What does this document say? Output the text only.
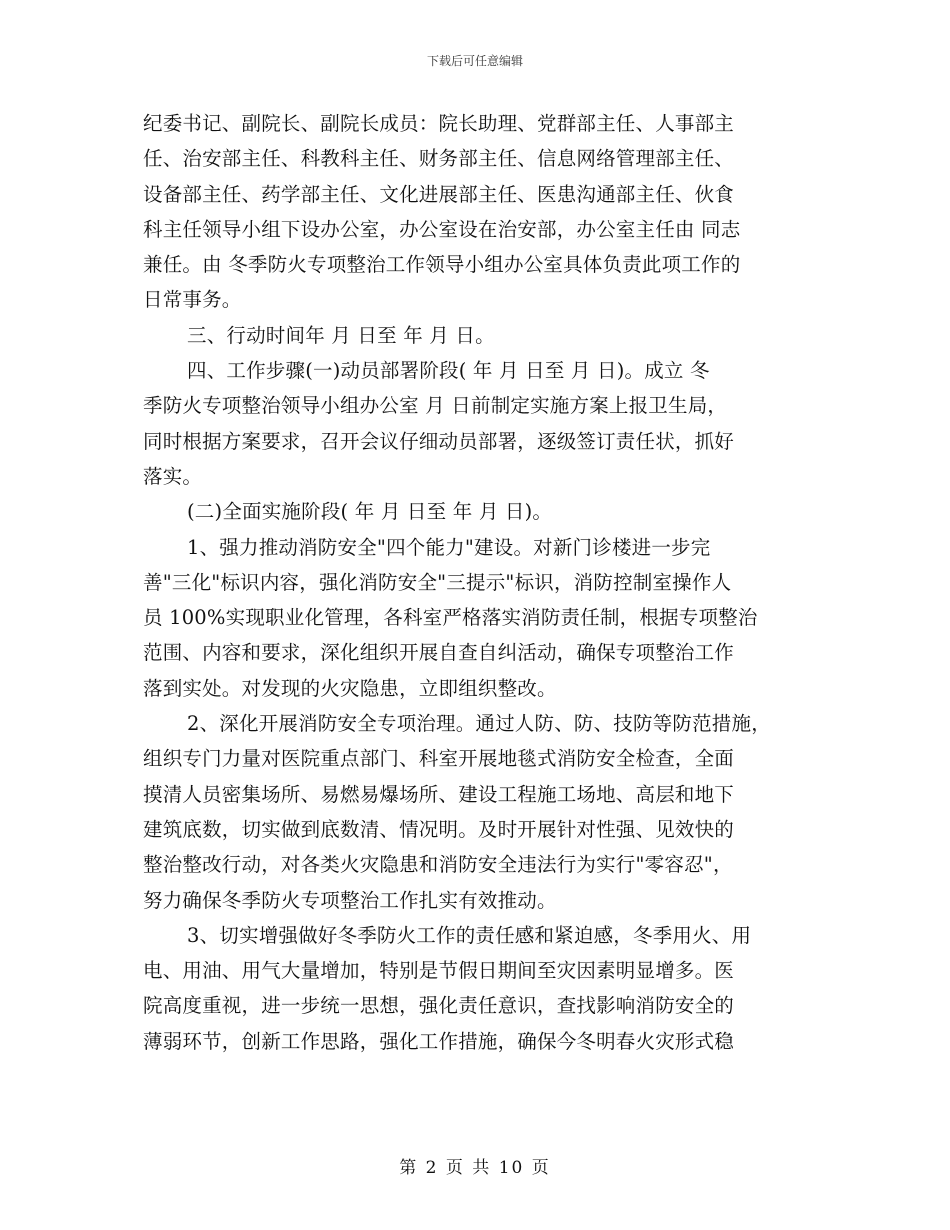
下载后可任意编辑
纪委书记、副院长、副院长成员：院长助理、党群部主任、人事部主
任、治安部主任、科教科主任、财务部主任、信息网络管理部主任、
设备部主任、药学部主任、文化进展部主任、医患沟通部主任、伙食
科主任领导小组下设办公室，办公室设在治安部，办公室主任由 同志
兼任。由 冬季防火专项整治工作领导小组办公室具体负责此项工作的
日常事务。
三、行动时间年 月 日至 年 月 日。
四、工作步骤(一)动员部署阶段( 年 月 日至 月 日)。成立 冬
季防火专项整治领导小组办公室 月 日前制定实施方案上报卫生局，
同时根据方案要求，召开会议仔细动员部署，逐级签订责任状，抓好
落实。
(二)全面实施阶段( 年 月 日至 年 月 日)。
1、强力推动消防安全"四个能力"建设。对新门诊楼进一步完
善"三化"标识内容，强化消防安全"三提示"标识，消防控制室操作人
员 100%实现职业化管理，各科室严格落实消防责任制，根据专项整治
范围、内容和要求，深化组织开展自查自纠活动，确保专项整治工作
落到实处。对发现的火灾隐患，立即组织整改。
2、深化开展消防安全专项治理。通过人防、防、技防等防范措施，
组织专门力量对医院重点部门、科室开展地毯式消防安全检查，全面
摸清人员密集场所、易燃易爆场所、建设工程施工场地、高层和地下
建筑底数，切实做到底数清、情况明。及时开展针对性强、见效快的
整治整改行动，对各类火灾隐患和消防安全违法行为实行"零容忍"，
努力确保冬季防火专项整治工作扎实有效推动。
3、切实增强做好冬季防火工作的责任感和紧迫感，冬季用火、用
电、用油、用气大量增加，特别是节假日期间至灾因素明显增多。医
院高度重视，进一步统一思想，强化责任意识，查找影响消防安全的
薄弱环节，创新工作思路，强化工作措施，确保今冬明春火灾形式稳
第 2 页 共 10 页
